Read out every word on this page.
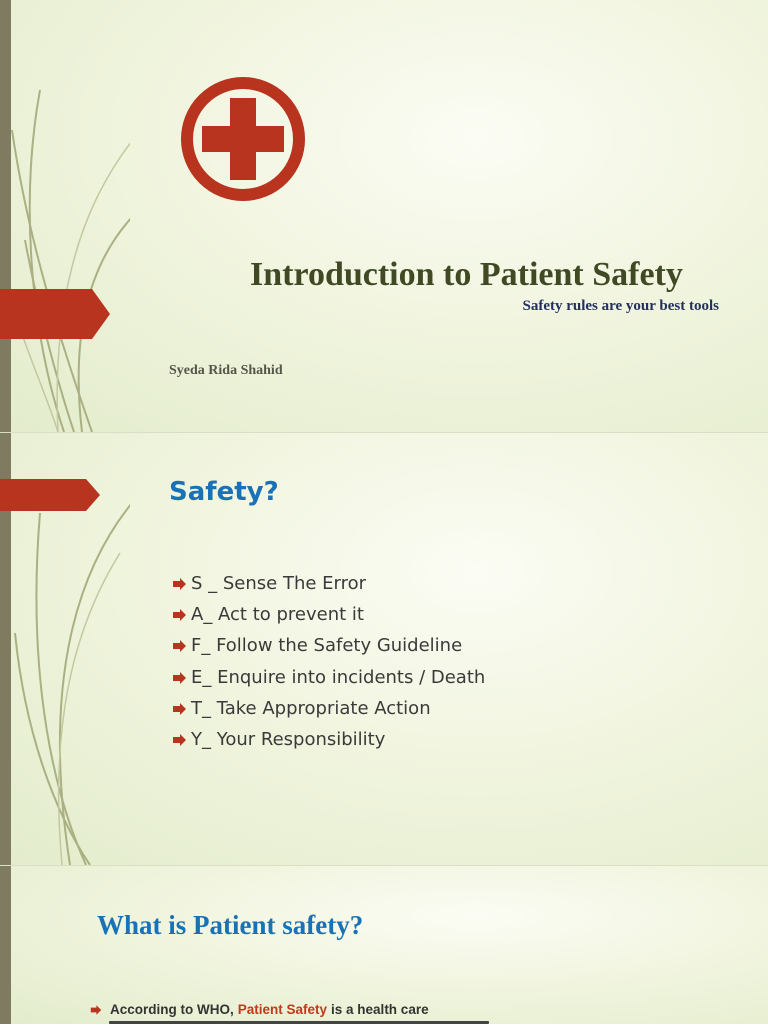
Introduction to Patient Safety
Safety rules are your best tools
Syeda Rida Shahid
Safety?
S _ Sense The Error
A_ Act to prevent it
F_ Follow the Safety Guideline
E_ Enquire into incidents / Death
T_ Take Appropriate Action
Y_ Your Responsibility
What is Patient safety?
According to WHO, Patient Safety is a health care
